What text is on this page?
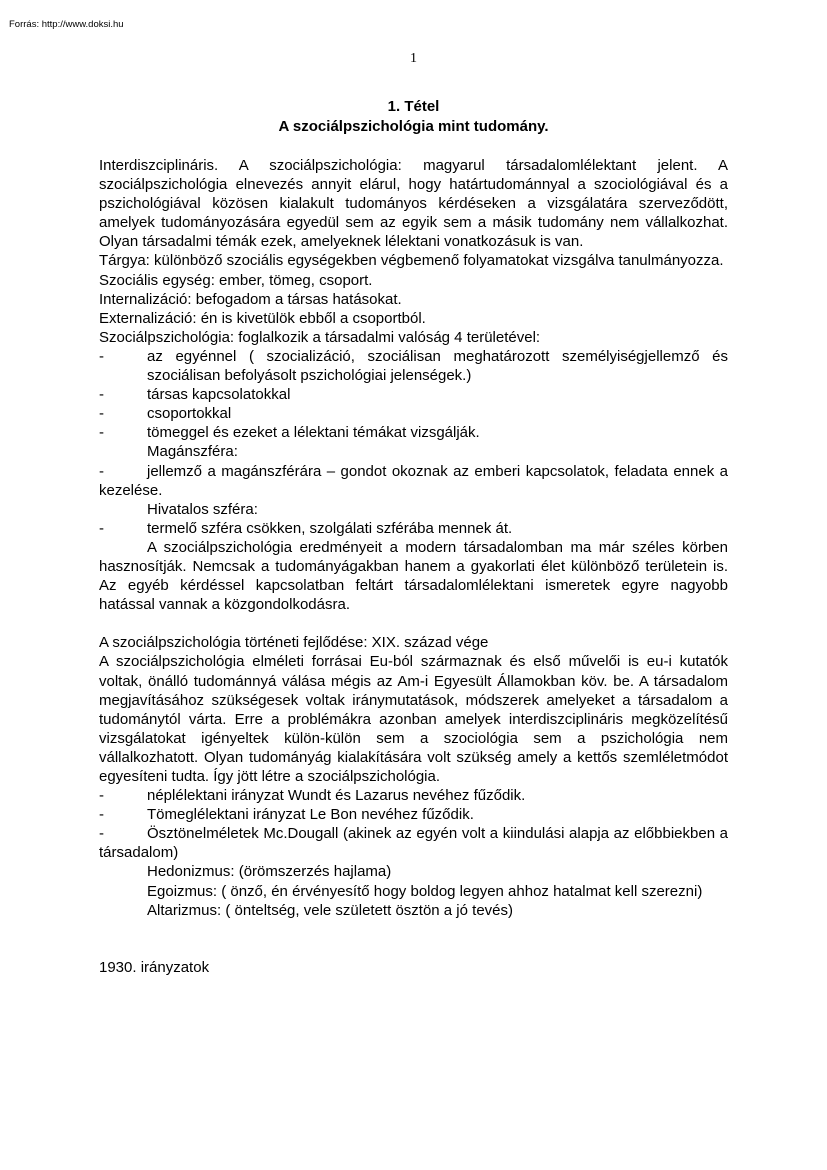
Forrás: http://www.doksi.hu
1
1. Tétel
A szociálpszichológia mint tudomány.

Interdiszciplináris. A szociálpszichológia: magyarul társadalomlélektant jelent. A szociálpszichológia elnevezés annyit elárul, hogy határtudománnyal a szociológiával és a pszichológiával közösen kialakult tudományos kérdéseken a vizsgálatára szerveződött, amelyek tudományozására egyedül sem az egyik sem a másik tudomány nem vállalkozhat. Olyan társadalmi témák ezek, amelyeknek lélektani vonatkozásuk is van.

Tárgya: különböző szociális egységekben végbemenő folyamatokat vizsgálva tanulmányozza.

Szociális egység: ember, tömeg, csoport.

Internalizáció: befogadom a társas hatásokat.

Externalizáció: én is kivetülök ebből a csoportból.

Szociálpszichológia: foglalkozik a társadalmi valóság 4 területével:

-	az egyénnel ( szocializáció, szociálisan meghatározott személyiségjellemző és szociálisan befolyásolt pszichológiai jelenségek.)
-	társas kapcsolatokkal
-	csoportokkal
-	tömeggel és ezeket a lélektani témákat vizsgálják.

Magánszféra:

-	jellemző a magánszférára – gondot okoznak az emberi kapcsolatok, feladata ennek a kezelése.

Hivatalos szféra:

-	termelő szféra csökken, szolgálati szférába mennek át.

A szociálpszichológia eredményeit a modern társadalomban ma már széles körben hasznosítják. Nemcsak a tudományágakban hanem a gyakorlati élet különböző területein is. Az egyéb kérdéssel kapcsolatban feltárt társadalomlélektani ismeretek egyre nagyobb hatással vannak a közgondolkodásra.

A szociálpszichológia történeti fejlődése: XIX. század vége

A szociálpszichológia elméleti forrásai Eu-ból származnak és első művelői is eu-i kutatók voltak, önálló tudománnyá válása mégis az Am-i Egyesült Államokban köv. be. A társadalom megjavításához szükségesek voltak iránymutatások, módszerek amelyeket a társadalom a tudománytól várta. Erre a problémákra azonban amelyek interdiszciplináris megközelítésű vizsgálatokat igényeltek külön-külön sem a szociológia sem a pszichológia nem vállalkozhatott. Olyan tudományág kialakítására volt szükség amely a kettős szemléletmódot egyesíteni tudta. Így jött létre a szociálpszichológia.

-	néplélektani irányzat Wundt és Lazarus nevéhez fűződik.
-	Tömeglélektani irányzat Le Bon nevéhez fűződik.

-	Ösztönelméletek Mc.Dougall (akinek az egyén volt a kiindulási alapja az előbbiekben a társadalom)

Hedonizmus: (örömszerzés hajlama)

Egoizmus: ( önző, én érvényesítő hogy boldog legyen ahhoz hatalmat kell szerezni)

Altarizmus: ( önteltség, vele született ösztön a jó tevés)

1930. irányzatok
